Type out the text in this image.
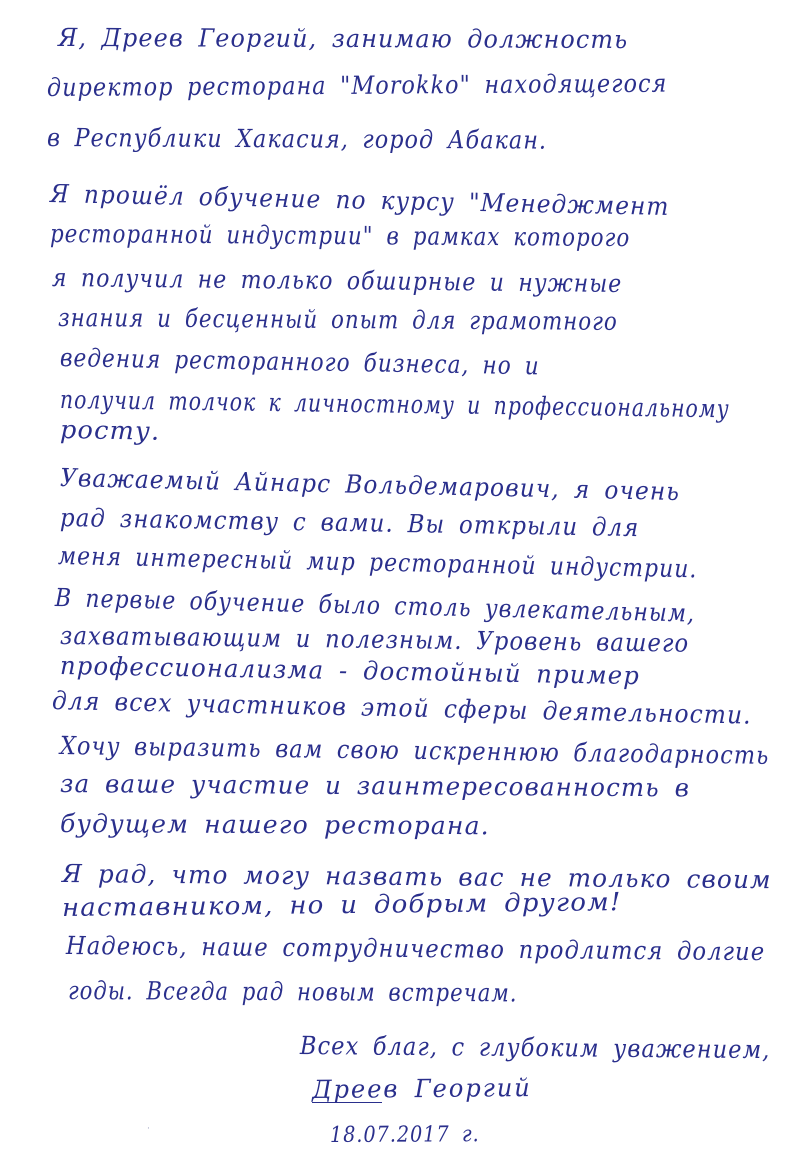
Я, Дреев Георгий, занимаю должность
директор ресторана "Morokko" находящегося
в Республики Хакасия, город Абакан.
Я прошёл обучение по курсу "Менеджмент
ресторанной индустрии" в рамках которого
я получил не только обширные и нужные
знания и бесценный опыт для грамотного
ведения ресторанного бизнеса, но и
получил толчок к личностному и профессиональному
росту.
Уважаемый Айнарс Вольдемарович, я очень
рад знакомству с вами. Вы открыли для
меня интересный мир ресторанной индустрии.
В первые обучение было столь увлекательным,
захватывающим и полезным. Уровень вашего
профессионализма - достойный пример
для всех участников этой сферы деятельности.
Хочу выразить вам свою искреннюю благодарность
за ваше участие и заинтересованность в
будущем нашего ресторана.
Я рад, что могу назвать вас не только своим
наставником, но и добрым другом!
Надеюсь, наше сотрудничество продлится долгие
годы. Всегда рад новым встречам.
Всех благ, с глубоким уважением,
Дреев Георгий
18.07.2017 г.
·
